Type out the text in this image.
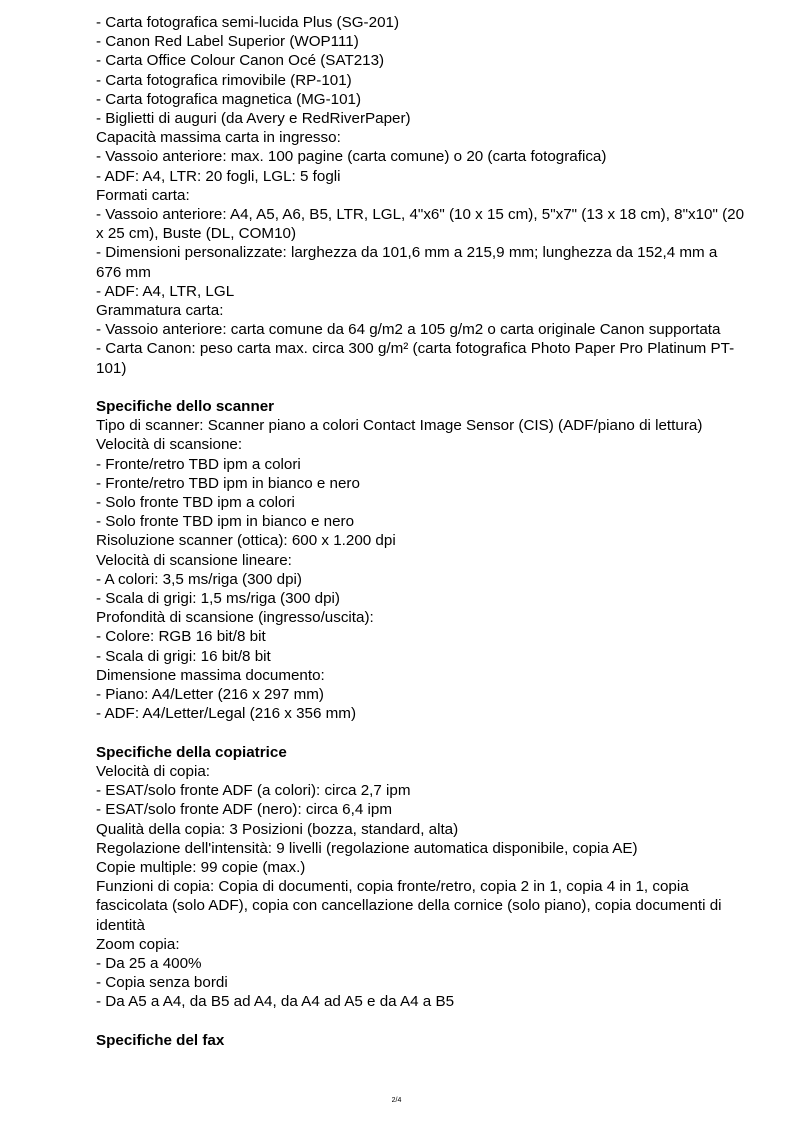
- Carta fotografica semi-lucida Plus (SG-201)
- Canon Red Label Superior (WOP111)
- Carta Office Colour Canon Océ (SAT213)
- Carta fotografica rimovibile (RP-101)
- Carta fotografica magnetica (MG-101)
- Biglietti di auguri (da Avery e RedRiverPaper)
Capacità massima carta in ingresso:
- Vassoio anteriore: max. 100 pagine (carta comune) o 20 (carta fotografica)
- ADF: A4, LTR: 20 fogli, LGL: 5 fogli
Formati carta:
- Vassoio anteriore: A4, A5, A6, B5, LTR, LGL, 4"x6" (10 x 15 cm), 5"x7" (13 x 18 cm), 8"x10" (20 x 25 cm), Buste (DL, COM10)
- Dimensioni personalizzate: larghezza da 101,6 mm a 215,9 mm; lunghezza da 152,4 mm a 676 mm
- ADF: A4, LTR, LGL
Grammatura carta:
- Vassoio anteriore: carta comune da 64 g/m2 a 105 g/m2 o carta originale Canon supportata
- Carta Canon: peso carta max. circa 300 g/m² (carta fotografica Photo Paper Pro Platinum PT-101)
Specifiche dello scanner
Tipo di scanner: Scanner piano a colori Contact Image Sensor (CIS) (ADF/piano di lettura)
Velocità di scansione:
- Fronte/retro TBD ipm a colori
- Fronte/retro TBD ipm in bianco e nero
- Solo fronte TBD ipm a colori
- Solo fronte TBD ipm in bianco e nero
Risoluzione scanner (ottica): 600 x 1.200 dpi
Velocità di scansione lineare:
- A colori: 3,5 ms/riga (300 dpi)
- Scala di grigi: 1,5 ms/riga (300 dpi)
Profondità di scansione (ingresso/uscita):
- Colore: RGB 16 bit/8 bit
- Scala di grigi: 16 bit/8 bit
Dimensione massima documento:
- Piano: A4/Letter (216 x 297 mm)
- ADF: A4/Letter/Legal (216 x 356 mm)
Specifiche della copiatrice
Velocità di copia:
- ESAT/solo fronte ADF (a colori): circa 2,7 ipm
- ESAT/solo fronte ADF (nero): circa 6,4 ipm
Qualità della copia: 3 Posizioni (bozza, standard, alta)
Regolazione dell'intensità: 9 livelli (regolazione automatica disponibile, copia AE)
Copie multiple: 99 copie (max.)
Funzioni di copia: Copia di documenti, copia fronte/retro, copia 2 in 1, copia 4 in 1, copia fascicolata (solo ADF), copia con cancellazione della cornice (solo piano), copia documenti di identità
Zoom copia:
- Da 25 a 400%
- Copia senza bordi
- Da A5 a A4, da B5 ad A4, da A4 ad A5 e da A4 a B5
Specifiche del fax
2/4
